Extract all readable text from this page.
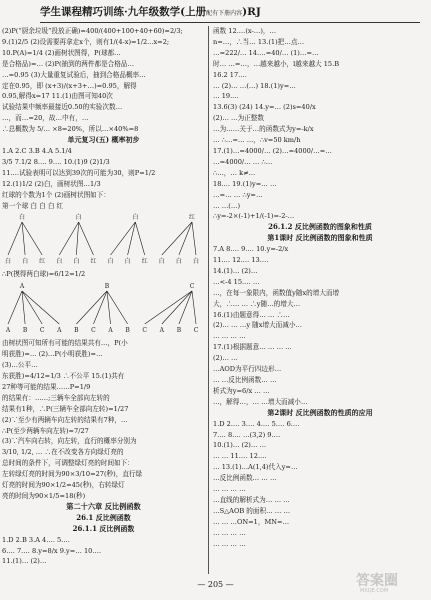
学生课程精巧训练·九年级数学(上册配有下册内容)RJ
(2)P(“厨余垃圾”投放正确)=400/(400+100+40+60)=2/3;
9.(1)2/5 (2)设需要再拿走x个，则有1/(4-x)=1/2...x=2;
10.P(A)=1/4 (2)画树状图得，P(球都…
是合格品)=… (2)P(抽到的两件都是合格品…
…=0.95 (3)大量重复试验后，抽到合格品概率…
定在0.95，即 (x+3)/(x+3+…)=0.95，解得
0.95,解得x=17 11.(1)由图可知40次
试验结果中频率最接近0.50的实验次数…
…，而…=20，故…中有，…
∴总概数为 5/… ×8=20%，所以…×40%=8
单元复习(五) 概率初步
1.A 2.C 3.B 4.A 5.1/4
3/5 7.1/2 8.… 9.… 10.(1)9 (2)1/3
11.…试验表明可以达到39次的可能为30，则P=1/2
12.(1)1/2 (2)白，画树状图…1/3
红球的个数为1个 (2)画树状图如下：
第一个球 白 白 白 红
白	白	白	红
白 白 红 白 白 红 白 白 红 白 白 白
∴P(摸得两白球)=6/12=1/2
A	B	C
A B C A B C A B C A B C
由树状图可知所有可能的结果共有…，P(小
明获胜)=… (2)…P(小明获胜)=…
(3)…公平…
东获胜)=4/12=1/3 ∴不公平 15.(1)共有
27种等可能的结果……P=1/9
的结果有：……;三辆车全部向左转的
结果有1种，∴P(三辆车全部向左转)=1/27
(2)∵至少有两辆车向左转的结果有7种，…
∴P(至少两辆车向左转)=7/27
(3)∵汽车向右转，向左转，直行的概率分别为
3/10, 1/2, … ∴在不改变各方向绿灯亮的
总时间的条件下，可调整绿灯亮的时间如下：
左转绿灯亮的时间为90×3/10=27(秒)，直行绿
灯亮的时间为90×1/2=45(秒)，右转绿灯
亮的时间为90×1/5=18(秒)
第二十六章 反比例函数
26.1 反比例函数
26.1.1 反比例函数
1.D 2.B 3.A 4.… 5.…
6.… 7.… 8.y=8/x 9.y=… 10.…
11.(1)… (2)…
函数 12.…(x-…)，…
n=…，∴当… 13.(1)把…点…
…=222/… 14.…=40/… (1)…=…
时… …=…，…越来越小，l越来越大 15.B
16.2 17.…
… (2)… …(…) 18.(1)y=…
… 19.…
13.6(3) (24) 14.y=… (2)s=40/x
(2)… …为正整数
…为……关于…的函数式为y=-k/x
… ∴…=… …，∴v=50 km/h
17.(1)…=4000/… (2)…=4000/…=…
…=4000/… … ∴…
∴…，… k≠…
18.… 19.(1)y=… …
…=… … ∴y=…
… …(…)
∴y=-2×(-1)+1/(-1)=-2-…
26.1.2 反比例函数的图象和性质
第1课时 反比例函数的图象和性质
7.A 8.… 9.… 10.y=-2/x
11.… 12.… 13.…
14.(1)… (2)…
…<-4 15.… …
…，在每一象限内，函数值y随x的增大而增
大，∴… … ∴y随…的增大…
16.(1)由题意得… … ∴…
(2)… … …y 随x增大而减小…
… … … …
17.(1)根据题意… … … …
(2)… …
…AOD为平行四边形…
… …反比例函数… …
析式为y=6/x … …
…，解得…，… …增大而减小…
第2课时 反比例函数的性质的应用
1.D 2.… 3.… 4.… 5.… 6.…
7.… 8.… …(3,2) 9.…
10.(1)… (2)… …
… … 11.… 12.…
… 13.(1)…A(1,4)代入y=…
…反比例函数… … …
… … … …
…直线的解析式为… … …
…S△AOB 的面积… … …
… … …ON=1，MN=…
… … … …
… … … …
— 205 —	答案圈
MXQE.COM
